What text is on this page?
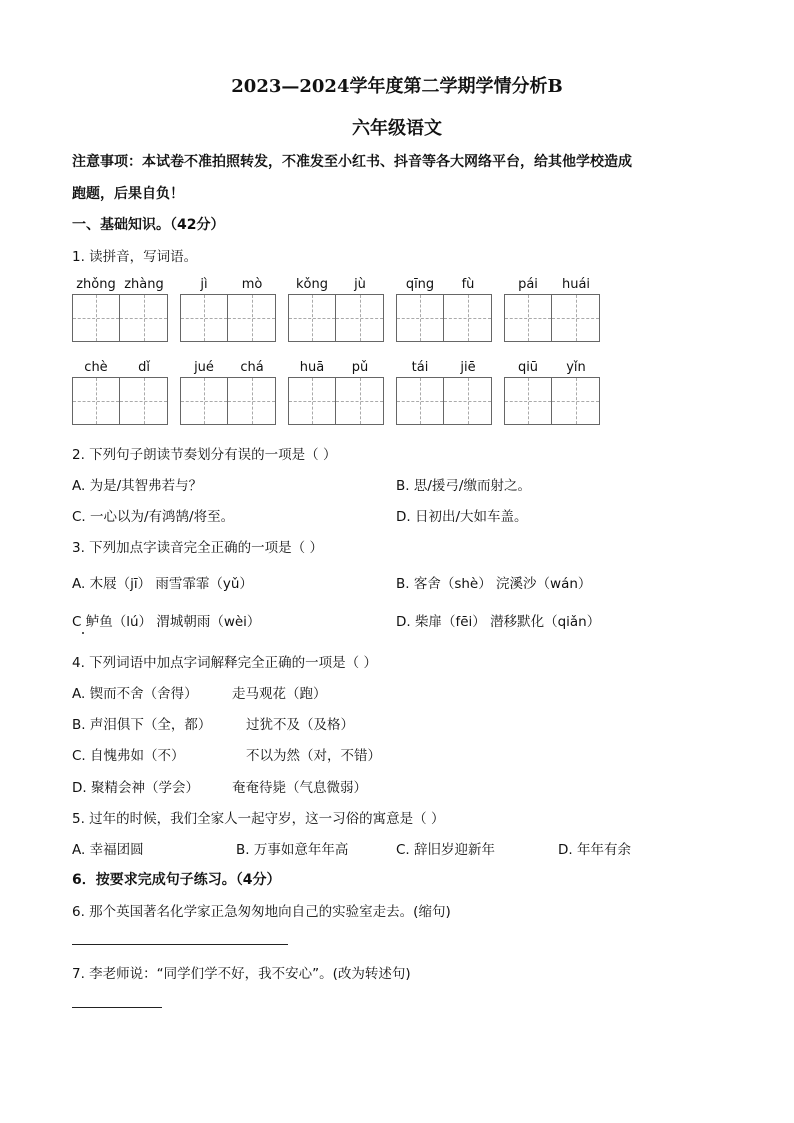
2023—2024学年度第二学期学情分析B
六年级语文
注意事项：本试卷不准拍照转发，不准发至小红书、抖音等各大网络平台，给其他学校造成
跑题，后果自负！
一、基础知识。（42分）
1. 读拼音，写词语。
zhǒng zhàng	jì	mò	kǒng	jù	qīng	fù	pái	huái
chè	dǐ	jué	chá	huā	pǔ	tái	jiē	qiū	yǐn
2. 下列句子朗读节奏划分有误的一项是（ ）
A. 为是/其智弗若与？	B. 思/援弓/缴而射之。
C. 一心以为/有鸿鹄/将至。	D. 日初出/大如车盖。
3. 下列加点字读音完全正确的一项是（ ）
A. 木屐（jī） 雨雪霏霏（yǔ）	B. 客舍（shè） 浣溪沙（wán）
C 鲈鱼（lú） 渭城朝雨（wèi）	D. 柴扉（fēi） 潜移默化（qiǎn）
4. 下列词语中加点字词解释完全正确的一项是（ ）
A. 锲而不舍（舍得）	走马观花（跑）
B. 声泪俱下（全，都）	过犹不及（及格）
C. 自愧弗如（不）	不以为然（对，不错）
D. 聚精会神（学会） 奄奄待毙（气息微弱）
5. 过年的时候，我们全家人一起守岁，这一习俗的寓意是（ ）
A. 幸福团圆	B. 万事如意年年高	C. 辞旧岁迎新年	D. 年年有余
6．按要求完成句子练习。（4分）
6. 那个英国著名化学家正急匆匆地向自己的实验室走去。(缩句)
7. 李老师说：“同学们学不好，我不安心”。(改为转述句)
